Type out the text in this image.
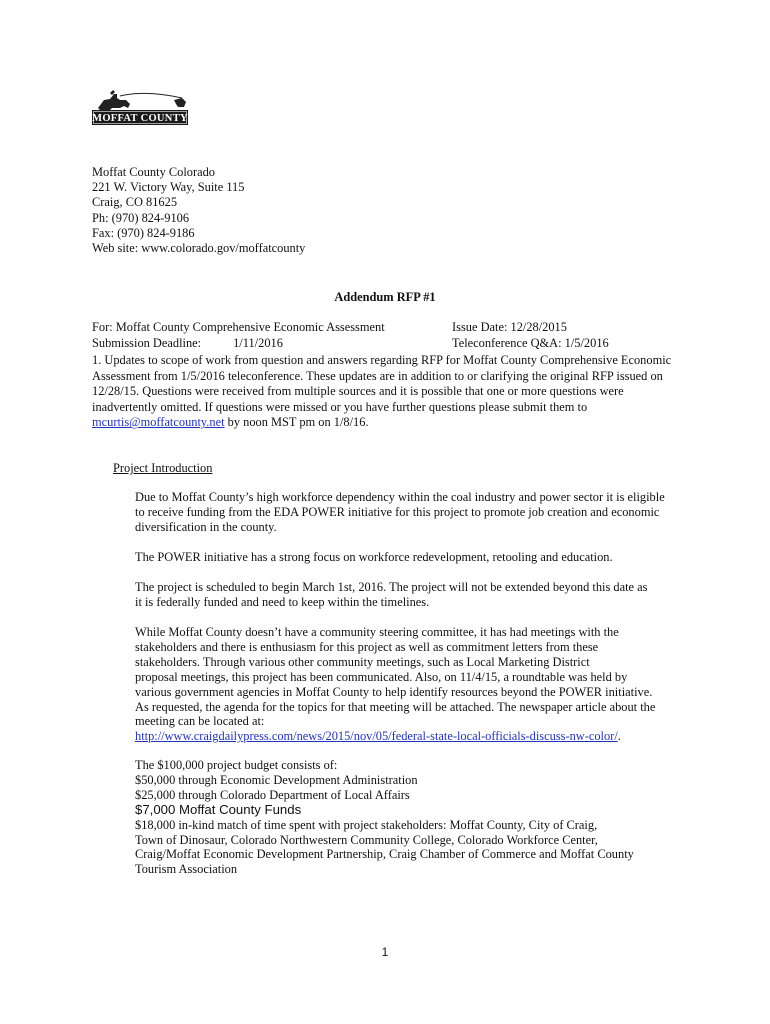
MOFFAT COUNTY
Moffat County Colorado
221 W. Victory Way, Suite 115
Craig, CO 81625
Ph: (970) 824-9106
Fax: (970) 824-9186
Web site: www.colorado.gov/moffatcounty
Addendum RFP #1
For: Moffat County Comprehensive Economic Assessment
Submission Deadline:	1/11/2016
Issue Date: 12/28/2015
Teleconference Q&A: 1/5/2016
1. Updates to scope of work from question and answers regarding RFP for Moffat County Comprehensive Economic Assessment from 1/5/2016 teleconference. These updates are in addition to or clarifying the original RFP issued on 12/28/15. Questions were received from multiple sources and it is possible that one or more questions were inadvertently omitted. If questions were missed or you have further questions please submit them to mcurtis@moffatcounty.net by noon MST pm on 1/8/16.
Project Introduction
Due to Moffat County’s high workforce dependency within the coal industry and power sector it is eligible
to receive funding from the EDA POWER initiative for this project to promote job creation and economic
diversification in the county.
The POWER initiative has a strong focus on workforce redevelopment, retooling and education.
The project is scheduled to begin March 1st, 2016. The project will not be extended beyond this date as
it is federally funded and need to keep within the timelines.
While Moffat County doesn’t have a community steering committee, it has had meetings with the
stakeholders and there is enthusiasm for this project as well as commitment letters from these
stakeholders. Through various other community meetings, such as Local Marketing District
proposal meetings, this project has been communicated. Also, on 11/4/15, a roundtable was held by
various government agencies in Moffat County to help identify resources beyond the POWER initiative.
As requested, the agenda for the topics for that meeting will be attached. The newspaper article about the
meeting can be located at:
http://www.craigdailypress.com/news/2015/nov/05/federal-state-local-officials-discuss-nw-color/.
The $100,000 project budget consists of:
$50,000 through Economic Development Administration
$25,000 through Colorado Department of Local Affairs
$7,000 Moffat County Funds
$18,000 in-kind match of time spent with project stakeholders: Moffat County, City of Craig,
Town of Dinosaur, Colorado Northwestern Community College, Colorado Workforce Center,
Craig/Moffat Economic Development Partnership, Craig Chamber of Commerce and Moffat County
Tourism Association
1
